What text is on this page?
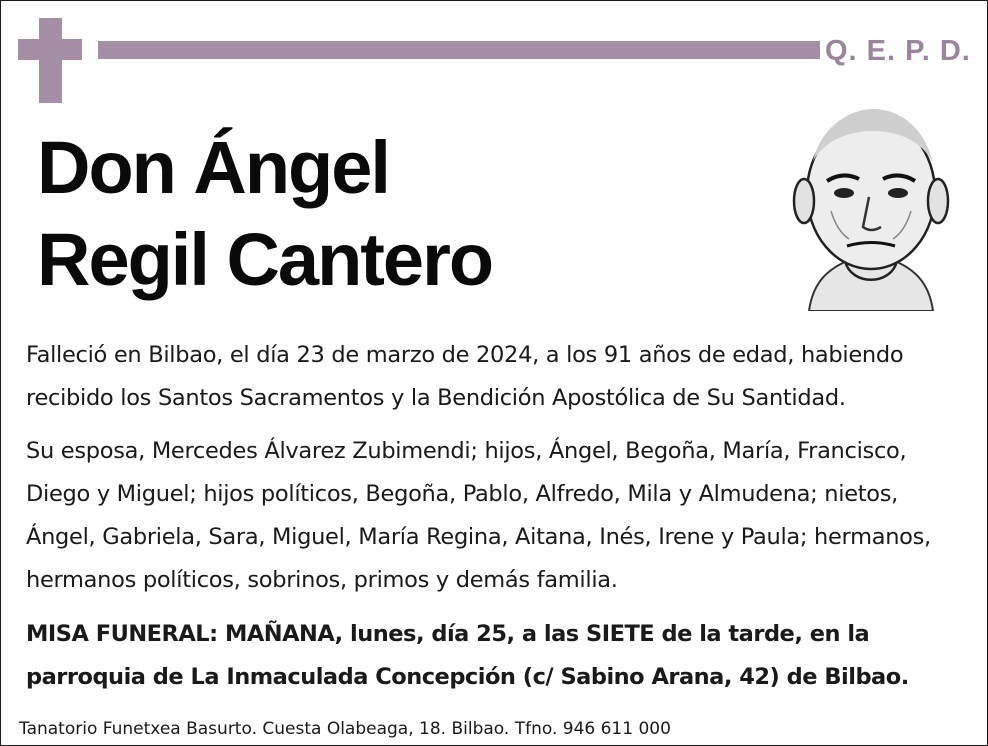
Q. E. P. D.
Don Ángel
Regil Cantero

Falleció en Bilbao, el día 23 de marzo de 2024, a los 91 años de edad, habiendo recibido los Santos Sacramentos y la Bendición Apostólica de Su Santidad.

Su esposa, Mercedes Álvarez Zubimendi; hijos, Ángel, Begoña, María, Francisco, Diego y Miguel; hijos políticos, Begoña, Pablo, Alfredo, Mila y Almudena; nietos, Ángel, Gabriela, Sara, Miguel, María Regina, Aitana, Inés, Irene y Paula; hermanos, hermanos políticos, sobrinos, primos y demás familia.

MISA FUNERAL: MAÑANA, lunes, día 25, a las SIETE de la tarde, en la parroquia de La Inmaculada Concepción (c/ Sabino Arana, 42) de Bilbao.

Tanatorio Funetxea Basurto. Cuesta Olabeaga, 18. Bilbao. Tfno. 946 611 000
